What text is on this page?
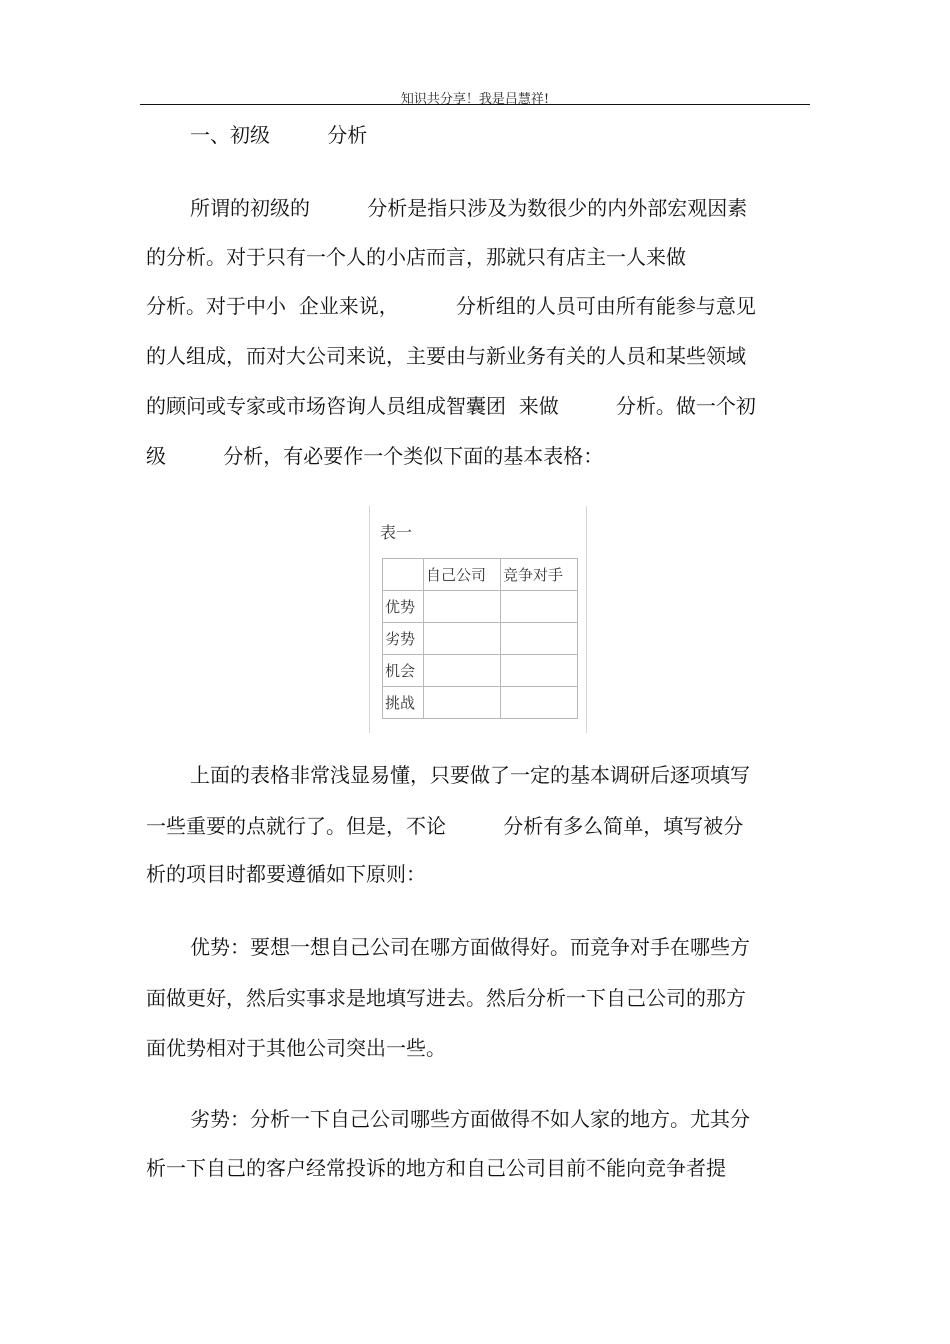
知识共分享！我是吕慧祥!
一、初级         分析
所谓的初级的         分析是指只涉及为数很少的内外部宏观因素
的分析。对于只有一个人的小店而言，那就只有店主一人来做
分析。对于中小  企业来说，         分析组的人员可由所有能参与意见
的人组成，而对大公司来说，主要由与新业务有关的人员和某些领域
的顾问或专家或市场咨询人员组成智囊团  来做         分析。做一个初
级         分析，有必要作一个类似下面的基本表格：
表一
	自己公司	竞争对手
优势		
劣势		
机会		
挑战		
上面的表格非常浅显易懂，只要做了一定的基本调研后逐项填写
一些重要的点就行了。但是，不论         分析有多么简单，填写被分
析的项目时都要遵循如下原则：
优势：要想一想自己公司在哪方面做得好。而竞争对手在哪些方
面做更好，然后实事求是地填写进去。然后分析一下自己公司的那方
面优势相对于其他公司突出一些。
劣势：分析一下自己公司哪些方面做得不如人家的地方。尤其分
析一下自己的客户经常投诉的地方和自己公司目前不能向竞争者提
